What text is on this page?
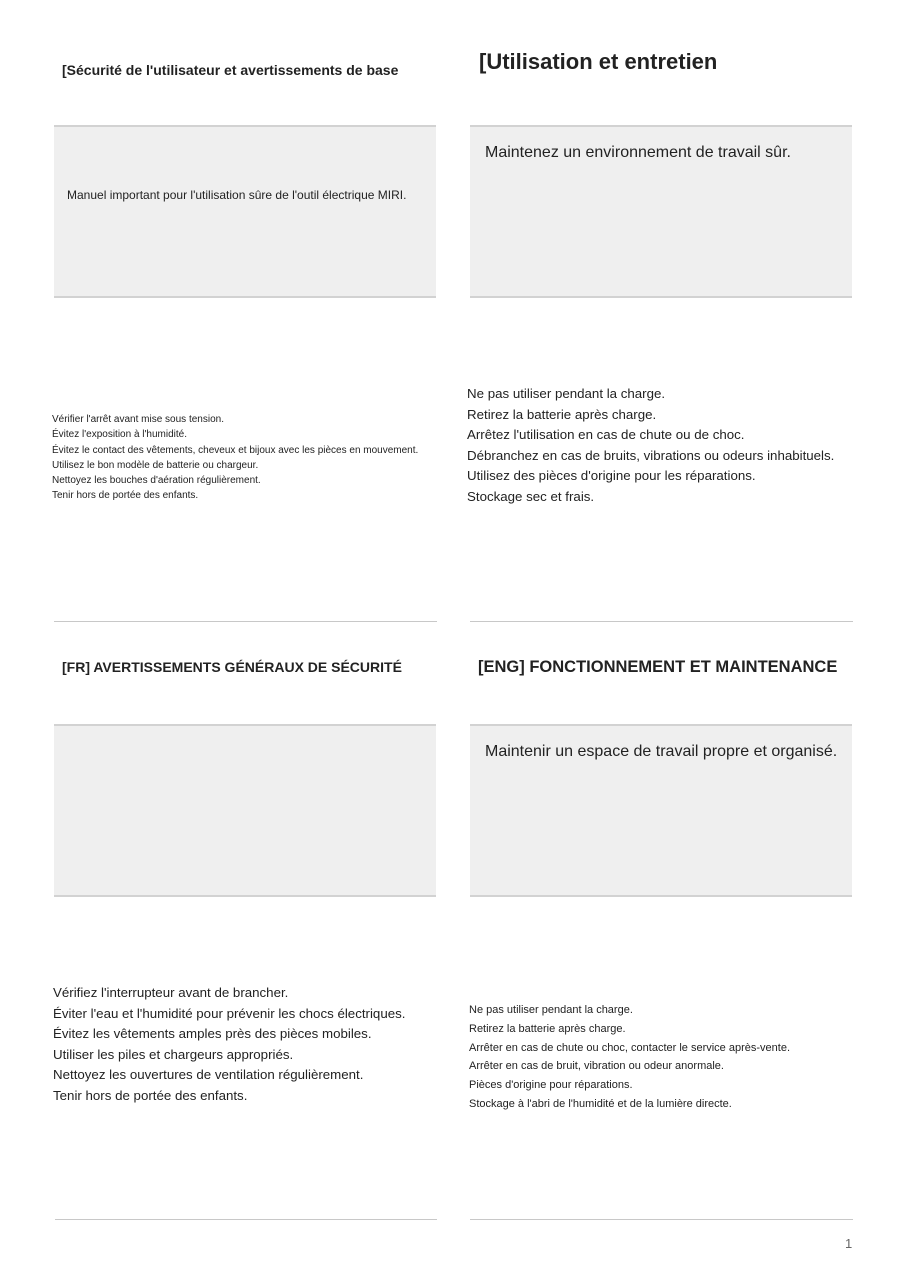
[Sécurité de l'utilisateur et avertissements de base
Manuel important pour l'utilisation sûre de l'outil électrique MIRI.
Vérifier l'arrêt avant mise sous tension.
Évitez l'exposition à l'humidité.
Évitez le contact des vêtements, cheveux et bijoux avec les pièces en mouvement.
Utilisez le bon modèle de batterie ou chargeur.
Nettoyez les bouches d'aération régulièrement.
Tenir hors de portée des enfants.
[Utilisation et entretien
Maintenez un environnement de travail sûr.
Ne pas utiliser pendant la charge.
Retirez la batterie après charge.
Arrêtez l'utilisation en cas de chute ou de choc.
Débranchez en cas de bruits, vibrations ou odeurs inhabituels.
Utilisez des pièces d'origine pour les réparations.
Stockage sec et frais.
[FR] AVERTISSEMENTS GÉNÉRAUX DE SÉCURITÉ
Vérifiez l'interrupteur avant de brancher.
Éviter l'eau et l'humidité pour prévenir les chocs électriques.
Évitez les vêtements amples près des pièces mobiles.
Utiliser les piles et chargeurs appropriés.
Nettoyez les ouvertures de ventilation régulièrement.
Tenir hors de portée des enfants.
[ENG] FONCTIONNEMENT ET MAINTENANCE
Maintenir un espace de travail propre et organisé.
Ne pas utiliser pendant la charge.
Retirez la batterie après charge.
Arrêter en cas de chute ou choc, contacter le service après-vente.
Arrêter en cas de bruit, vibration ou odeur anormale.
Pièces d'origine pour réparations.
Stockage à l'abri de l'humidité et de la lumière directe.
1
